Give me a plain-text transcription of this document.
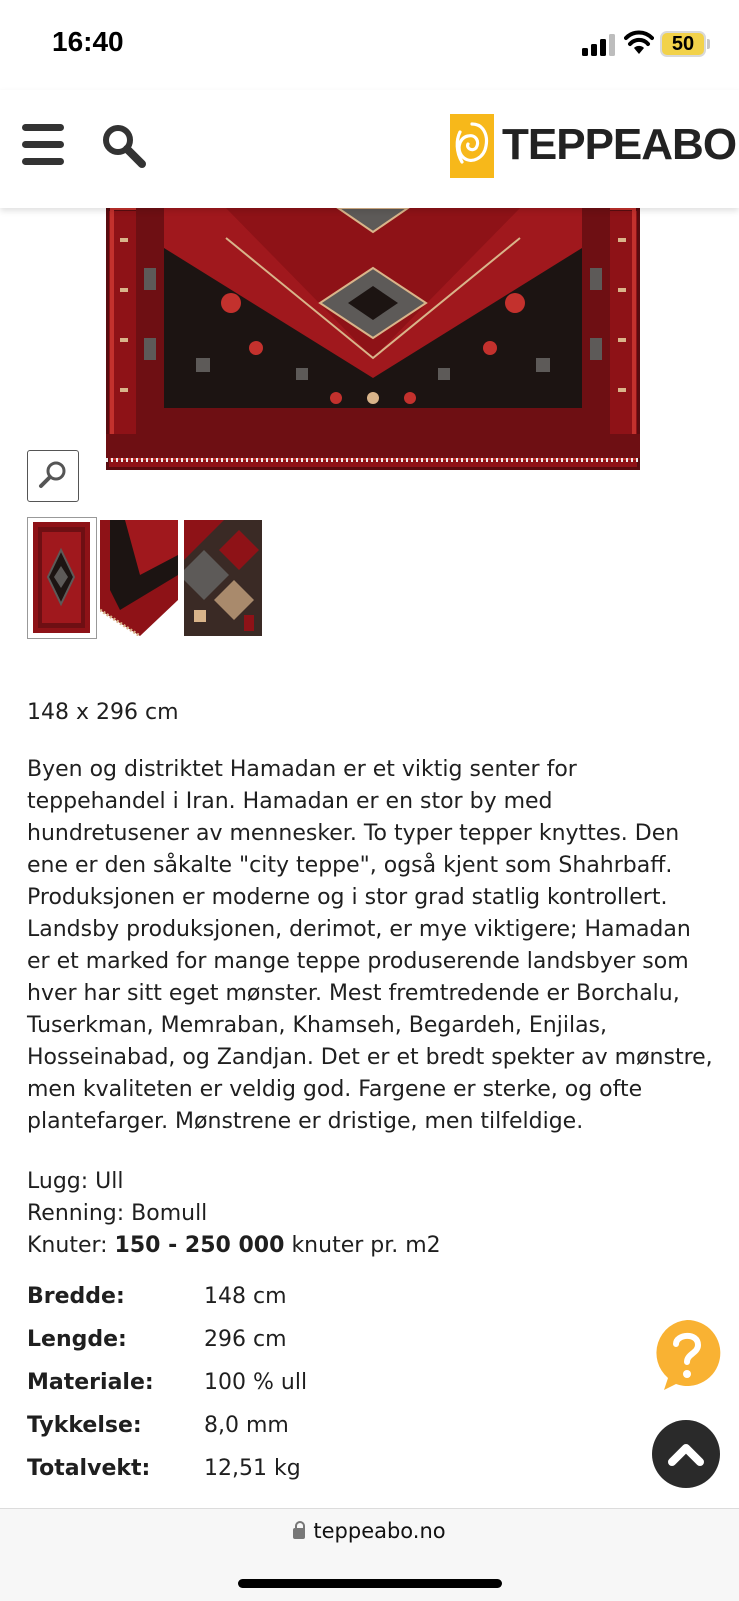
16:40	50
TEPPEABO
148 x 296 cm

Byen og distriktet Hamadan er et viktig senter for teppehandel i Iran. Hamadan er en stor by med hundretusener av mennesker. To typer tepper knyttes. Den ene er den såkalte "city teppe", også kjent som Shahrbaff. Produksjonen er moderne og i stor grad statlig kontrollert. Landsby produksjonen, derimot, er mye viktigere; Hamadan er et marked for mange teppe produserende landsbyer som hver har sitt eget mønster. Mest fremtredende er Borchalu, Tuserkman, Memraban, Khamseh, Begardeh, Enjilas, Hosseinabad, og Zandjan. Det er et bredt spekter av mønstre, men kvaliteten er veldig god. Fargene er sterke, og ofte plantefarger. Mønstrene er dristige, men tilfeldige.

Lugg: Ull
Renning: Bomull
Knuter: 150 - 250 000 knuter pr. m2
Bredde:	148 cm
Lengde:	296 cm
Materiale: 100 % ull
Tykkelse:	8,0 mm
Totalvekt: 12,51 kg
teppeabo.no
